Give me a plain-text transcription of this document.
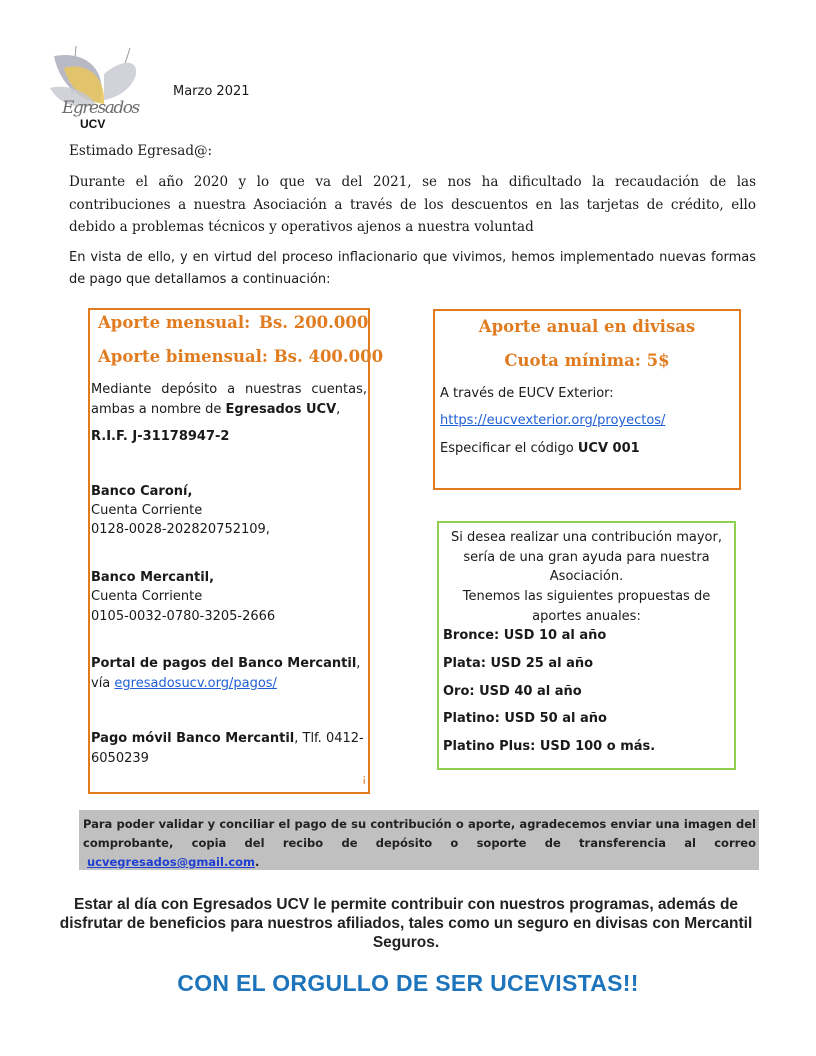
Egresados
UCV
Marzo 2021
Estimado Egresad@:
Durante el año 2020 y lo que va del 2021, se nos ha dificultado la recaudación de las contribuciones a nuestra Asociación a través de los descuentos en las tarjetas de crédito, ello debido a problemas técnicos y operativos ajenos a nuestra voluntad
En vista de ello, y en virtud del proceso inflacionario que vivimos, hemos implementado nuevas formas de pago que detallamos a continuación:
Aporte mensual: Bs. 200.000
Aporte bimensual: Bs. 400.000
Mediante depósito a nuestras cuentas, ambas a nombre de Egresados UCV,
R.I.F. J-31178947-2
Banco Caroní,
Cuenta Corriente
0128-0028-202820752109,
Banco Mercantil,
Cuenta Corriente
0105-0032-0780-3205-2666
Portal de pagos del Banco Mercantil,
vía egresadosucv.org/pagos/
Pago móvil Banco Mercantil, Tlf. 0412-6050239
¡
Aporte anual en divisas
Cuota mínima: 5$
A través de EUCV Exterior:
https://eucvexterior.org/proyectos/
Especificar el código UCV 001
Si desea realizar una contribución mayor, sería de una gran ayuda para nuestra Asociación.
Tenemos las siguientes propuestas de aportes anuales:
Bronce: USD 10 al año
Plata: USD 25 al año
Oro: USD 40 al año
Platino: USD 50 al año
Platino Plus: USD 100 o más.
Para poder validar y conciliar el pago de su contribución o aporte, agradecemos enviar una imagen del comprobante, copia del recibo de depósito o soporte de transferencia al correo ucvegresados@gmail.com.
Estar al día con Egresados UCV le permite contribuir con nuestros programas, además de disfrutar de beneficios para nuestros afiliados, tales como un seguro en divisas con Mercantil Seguros.
CON EL ORGULLO DE SER UCEVISTAS!!
